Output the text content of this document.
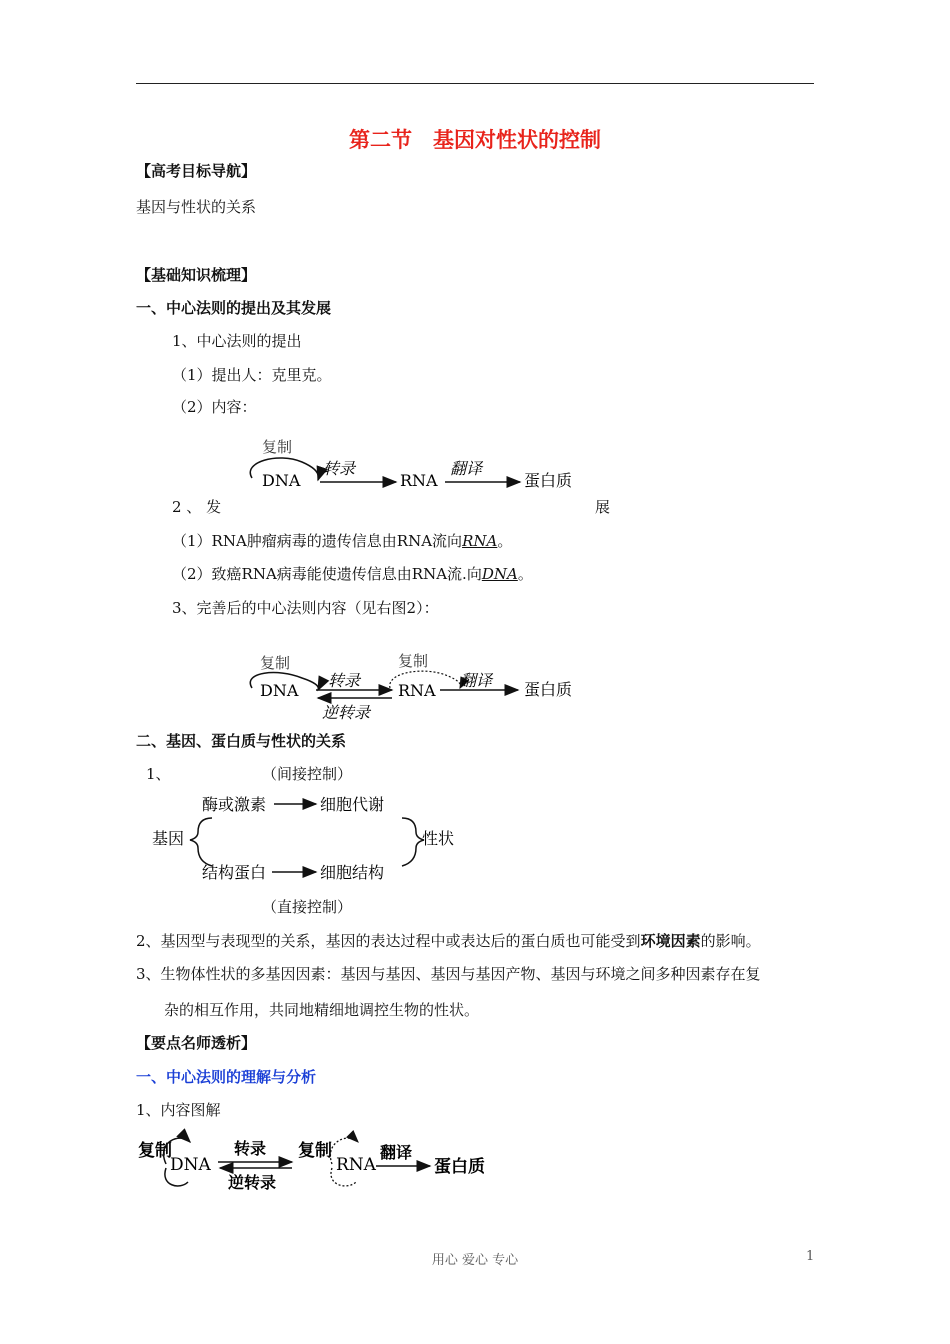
第二节　基因对性状的控制
【高考目标导航】
基因与性状的关系
【基础知识梳理】
一、中心法则的提出及其发展
1、中心法则的提出
（1）提出人：克里克。
（2）内容：
复制
DNA
转录
RNA
翻译
蛋白质
2 、 发	展
（1）RNA肿瘤病毒的遗传信息由RNA流向RNA。
（2）致癌RNA病毒能使遗传信息由RNA流.向DNA。
3、完善后的中心法则内容（见右图2）：
复制
DNA
转录
逆转录
复制
RNA
翻译 蛋白质
二、基因、蛋白质与性状的关系
1、	（间接控制）
酶或激素	细胞代谢
基因
结构蛋白	细胞结构
性状
（直接控制）
2、基因型与表现型的关系，基因的表达过程中或表达后的蛋白质也可能受到环境因素的影响。
3、生物体性状的多基因因素：基因与基因、基因与基因产物、基因与环境之间多种因素存在复
杂的相互作用，共同地精细地调控生物的性状。
【要点名师透析】
一、中心法则的理解与分析
1、内容图解
复制
DNA
转录
逆转录
复制
RNA
翻译
蛋白质
用心 爱心 专心	1
